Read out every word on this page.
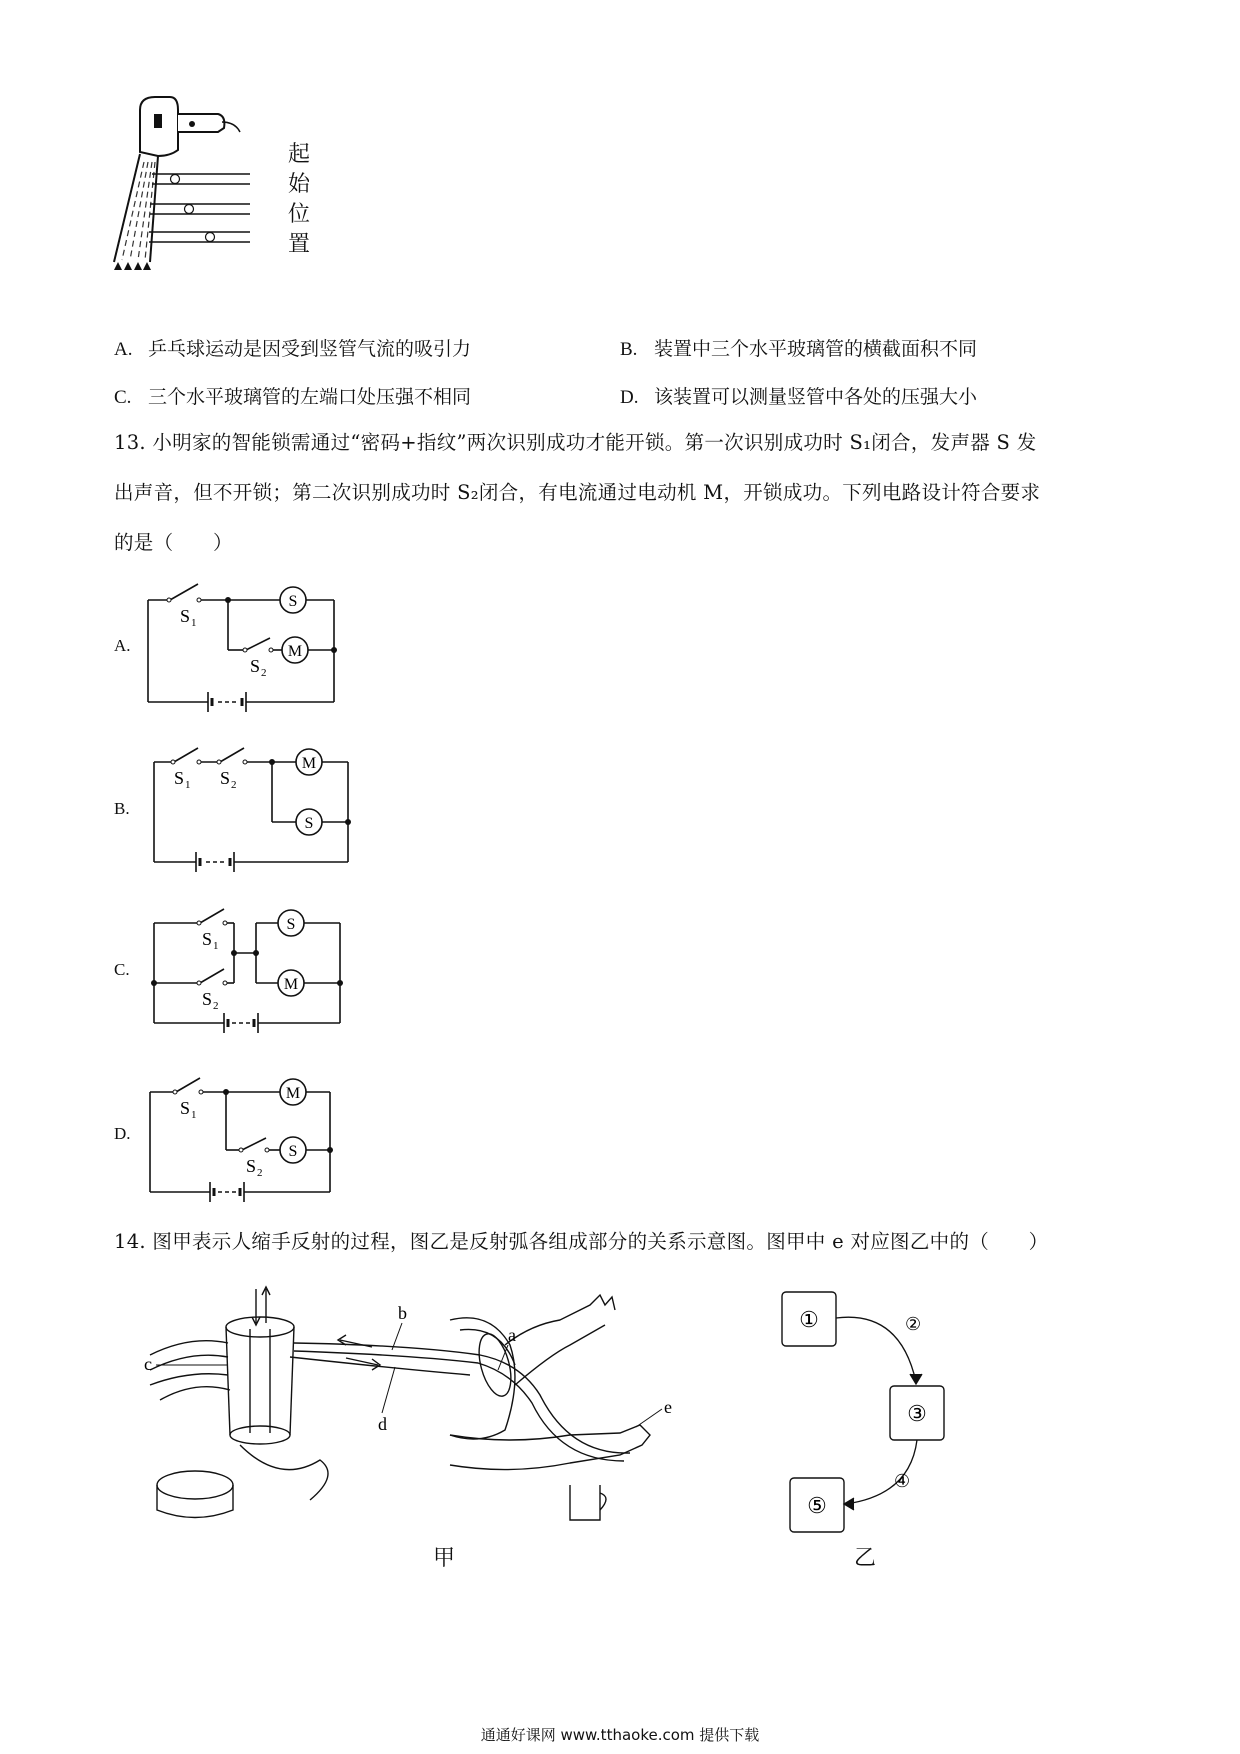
起
始
位
置
A. 乒乓球运动是因受到竖管气流的吸引力	B. 装置中三个水平玻璃管的横截面积不同
C. 三个水平玻璃管的左端口处压强不相同	D. 该装置可以测量竖管中各处的压强大小
13. 小明家的智能锁需通过“密码+指纹”两次识别成功才能开锁。第一次识别成功时 S₁闭合，发声器 S 发
出声音，但不开锁；第二次识别成功时 S₂闭合，有电流通过电动机 M，开锁成功。下列电路设计符合要求
的是（　　）
A.
B.
C.
D.
S
M
S 1
S 2
M
S
S 1 S 2
S
M
S 1
S 2
M
S
S 1
S 2
14. 图甲表示人缩手反射的过程，图乙是反射弧各组成部分的关系示意图。图甲中 e 对应图乙中的（　　）
b
a
c
d
e
①
③
⑤
②
④
甲	乙
通通好课网 www.tthaoke.com 提供下载
